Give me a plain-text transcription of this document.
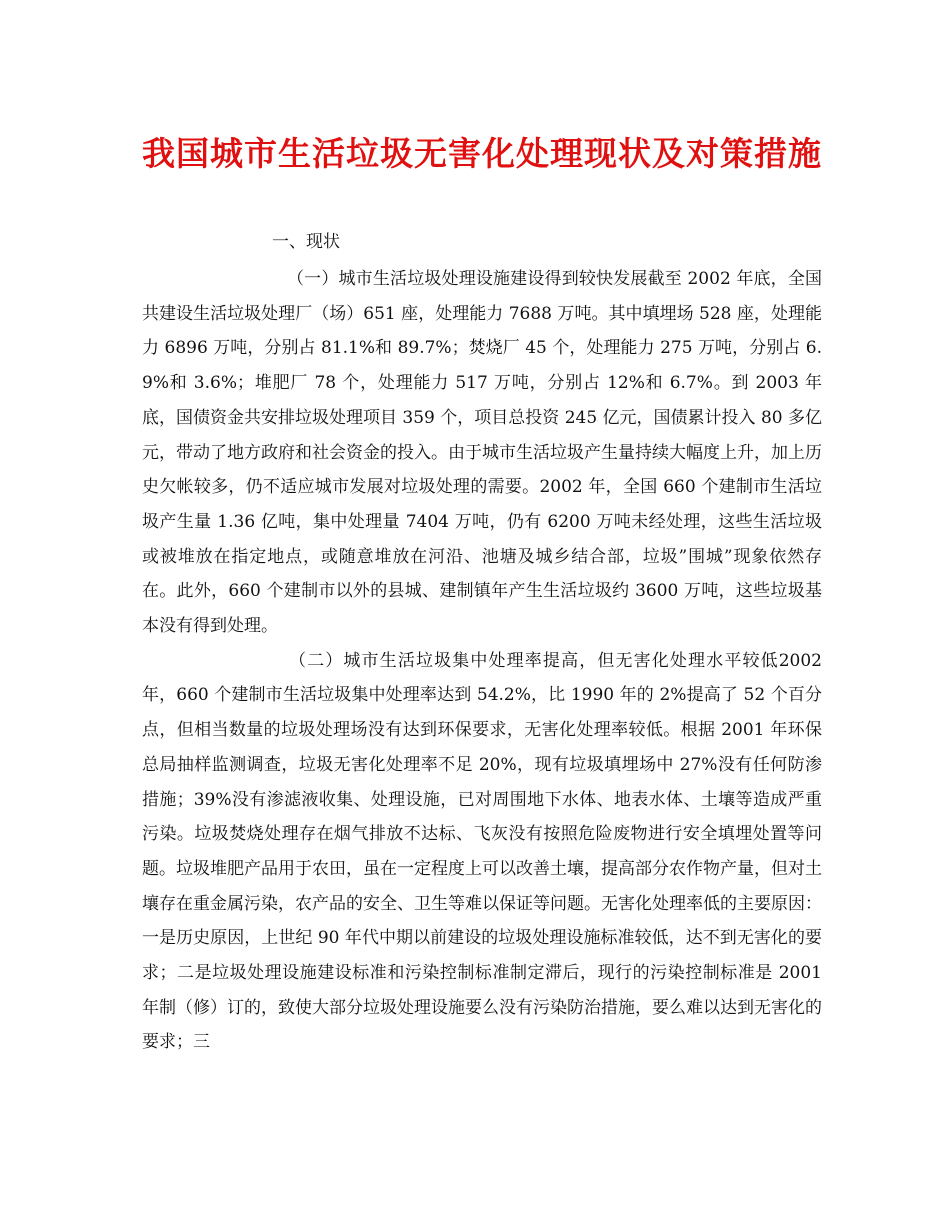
我国城市生活垃圾无害化处理现状及对策措施
一、现状

（一）城市生活垃圾处理设施建设得到较快发展截至 2002 年底，全国共建设生活垃圾处理厂（场）651 座，处理能力 7688 万吨。其中填埋场 528 座，处理能力 6896 万吨，分别占 81.1%和 89.7%；焚烧厂 45 个，处理能力 275 万吨，分别占 6.9%和 3.6%；堆肥厂 78 个，处理能力 517 万吨，分别占 12%和 6.7%。到 2003 年底，国债资金共安排垃圾处理项目 359 个，项目总投资 245 亿元，国债累计投入 80 多亿元，带动了地方政府和社会资金的投入。由于城市生活垃圾产生量持续大幅度上升，加上历史欠帐较多，仍不适应城市发展对垃圾处理的需要。2002 年，全国 660 个建制市生活垃圾产生量 1.36 亿吨，集中处理量 7404 万吨，仍有 6200 万吨未经处理，这些生活垃圾或被堆放在指定地点，或随意堆放在河沿、池塘及城乡结合部，垃圾”围城”现象依然存在。此外，660 个建制市以外的县城、建制镇年产生生活垃圾约 3600 万吨，这些垃圾基本没有得到处理。

（二）城市生活垃圾集中处理率提高，但无害化处理水平较低2002 年，660 个建制市生活垃圾集中处理率达到 54.2%，比 1990 年的 2%提高了 52 个百分点，但相当数量的垃圾处理场没有达到环保要求，无害化处理率较低。根据 2001 年环保总局抽样监测调查，垃圾无害化处理率不足 20%，现有垃圾填埋场中 27%没有任何防渗措施；39%没有渗滤液收集、处理设施，已对周围地下水体、地表水体、土壤等造成严重污染。垃圾焚烧处理存在烟气排放不达标、飞灰没有按照危险废物进行安全填埋处置等问题。垃圾堆肥产品用于农田，虽在一定程度上可以改善土壤，提高部分农作物产量，但对土壤存在重金属污染，农产品的安全、卫生等难以保证等问题。无害化处理率低的主要原因：一是历史原因，上世纪 90 年代中期以前建设的垃圾处理设施标准较低，达不到无害化的要求；二是垃圾处理设施建设标准和污染控制标准制定滞后，现行的污染控制标准是 2001 年制（修）订的，致使大部分垃圾处理设施要么没有污染防治措施，要么难以达到无害化的要求；三
